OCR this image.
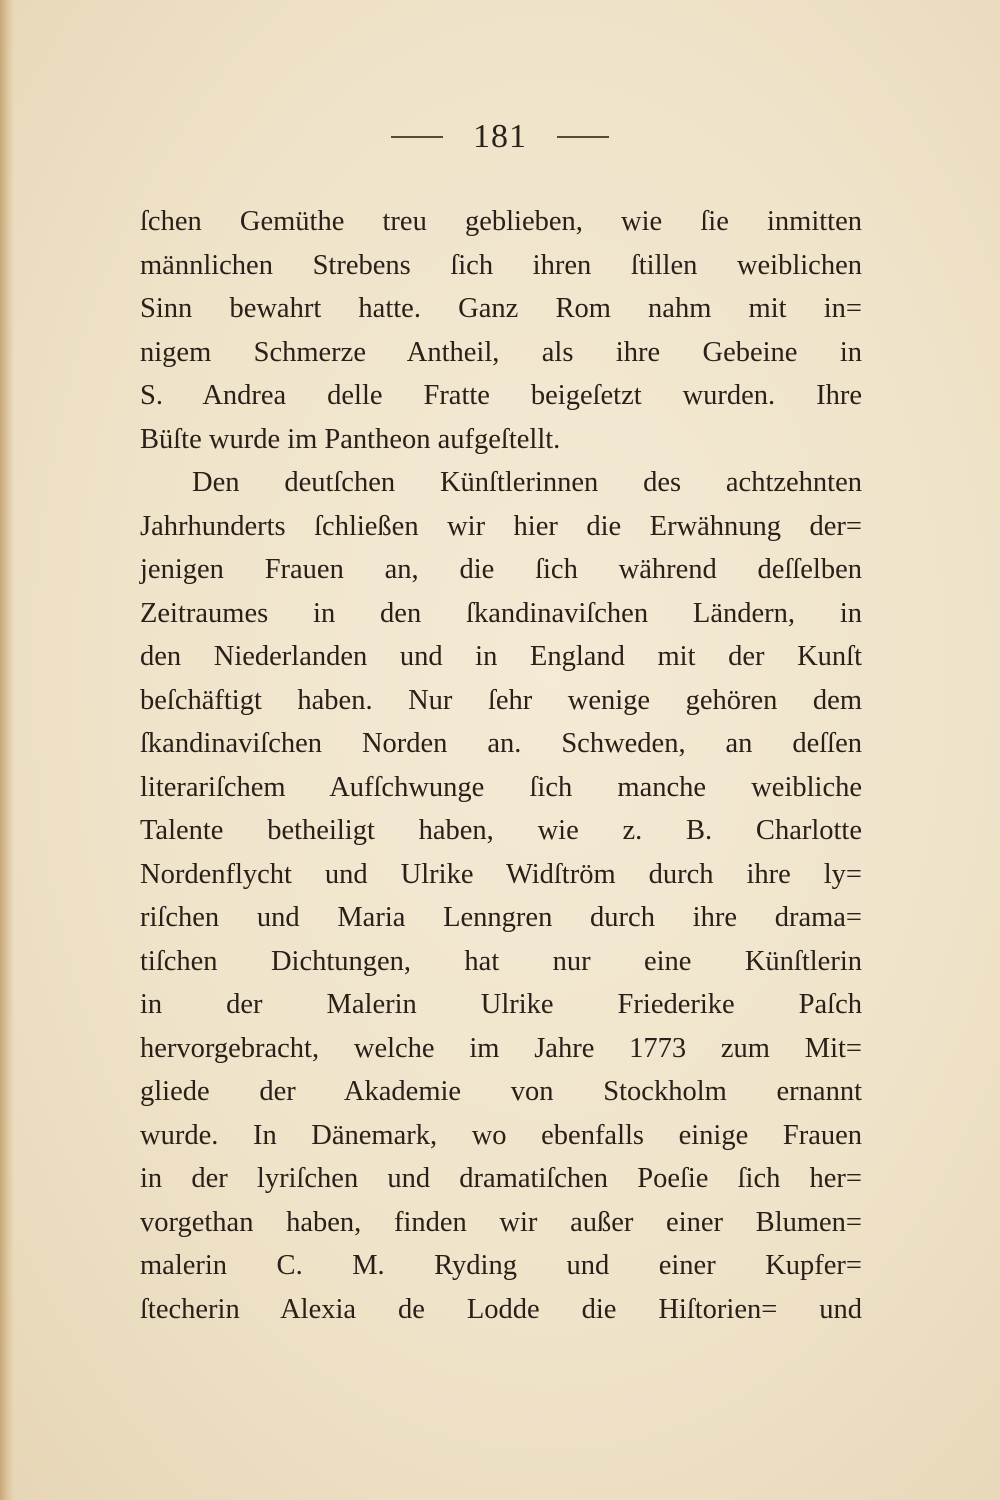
181
ſchen Gemüthe treu geblieben, wie ſie inmitten
männlichen Strebens ſich ihren ſtillen weiblichen
Sinn bewahrt hatte. Ganz Rom nahm mit in=
nigem Schmerze Antheil, als ihre Gebeine in
S. Andrea delle Fratte beigeſetzt wurden. Ihre
Büſte wurde im Pantheon aufgeſtellt.
Den deutſchen Künſtlerinnen des achtzehnten
Jahrhunderts ſchließen wir hier die Erwähnung der=
jenigen Frauen an, die ſich während deſſelben
Zeitraumes in den ſkandinaviſchen Ländern, in
den Niederlanden und in England mit der Kunſt
beſchäftigt haben. Nur ſehr wenige gehören dem
ſkandinaviſchen Norden an. Schweden, an deſſen
literariſchem Aufſchwunge ſich manche weibliche
Talente betheiligt haben, wie z. B. Charlotte
Nordenflycht und Ulrike Widſtröm durch ihre ly=
riſchen und Maria Lenngren durch ihre drama=
tiſchen Dichtungen, hat nur eine Künſtlerin
in der Malerin Ulrike Friederike Paſch
hervorgebracht, welche im Jahre 1773 zum Mit=
gliede der Akademie von Stockholm ernannt
wurde. In Dänemark, wo ebenfalls einige Frauen
in der lyriſchen und dramatiſchen Poeſie ſich her=
vorgethan haben, finden wir außer einer Blumen=
malerin C. M. Ryding und einer Kupfer=
ſtecherin Alexia de Lodde die Hiſtorien= und
